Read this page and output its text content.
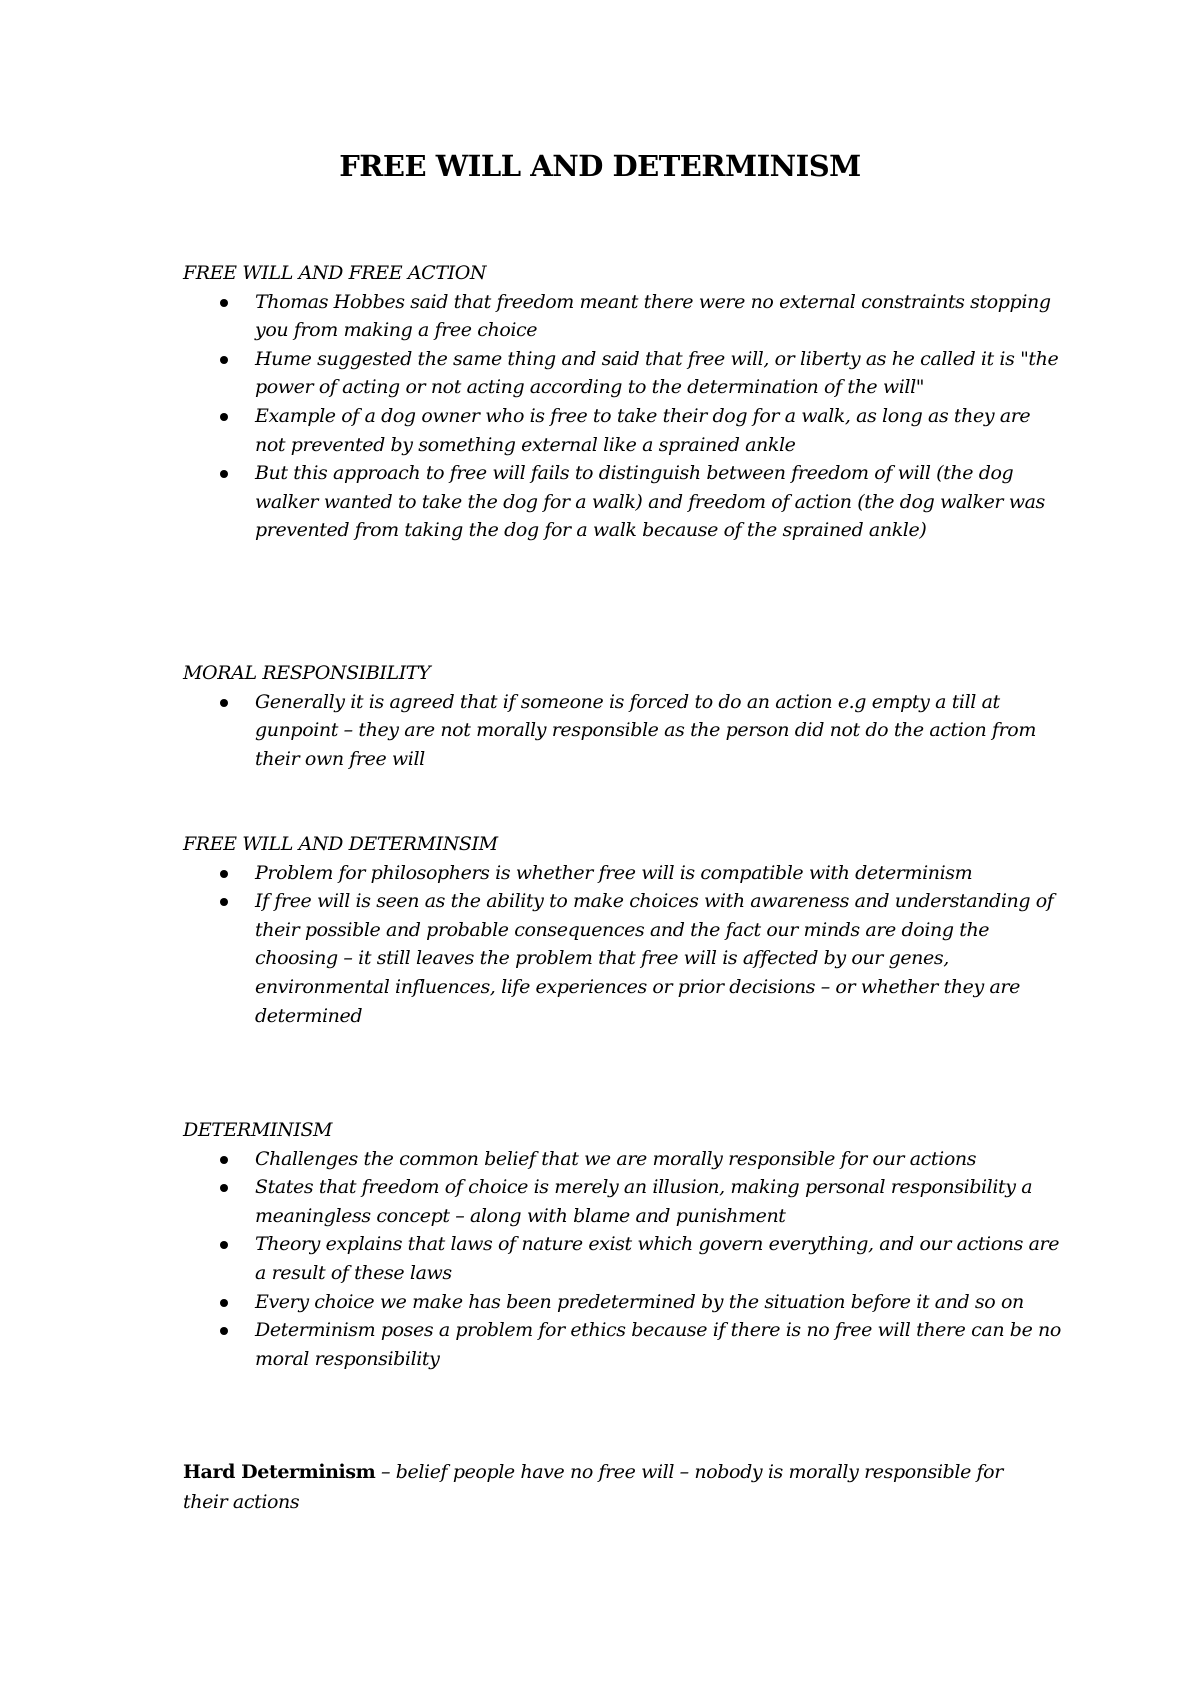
FREE WILL AND DETERMINISM

FREE WILL AND FREE ACTION

Thomas Hobbes said that freedom meant there were no external constraints stopping you from making a free choice
Hume suggested the same thing and said that free will, or liberty as he called it is "the power of acting or not acting according to the determination of the will"
Example of a dog owner who is free to take their dog for a walk, as long as they are not prevented by something external like a sprained ankle
But this approach to free will fails to distinguish between freedom of will (the dog walker wanted to take the dog for a walk) and freedom of action (the dog walker was prevented from taking the dog for a walk because of the sprained ankle)

MORAL RESPONSIBILITY

Generally it is agreed that if someone is forced to do an action e.g empty a till at gunpoint – they are not morally responsible as the person did not do the action from their own free will

FREE WILL AND DETERMINSIM

Problem for philosophers is whether free will is compatible with determinism
If free will is seen as the ability to make choices with awareness and understanding of their possible and probable consequences and the fact our minds are doing the choosing – it still leaves the problem that free will is affected by our genes, environmental influences, life experiences or prior decisions – or whether they are determined

DETERMINISM

Challenges the common belief that we are morally responsible for our actions
States that freedom of choice is merely an illusion, making personal responsibility a meaningless concept – along with blame and punishment
Theory explains that laws of nature exist which govern everything, and our actions are a result of these laws
Every choice we make has been predetermined by the situation before it and so on
Determinism poses a problem for ethics because if there is no free will there can be no moral responsibility
Hard Determinism – belief people have no free will – nobody is morally responsible for their actions
